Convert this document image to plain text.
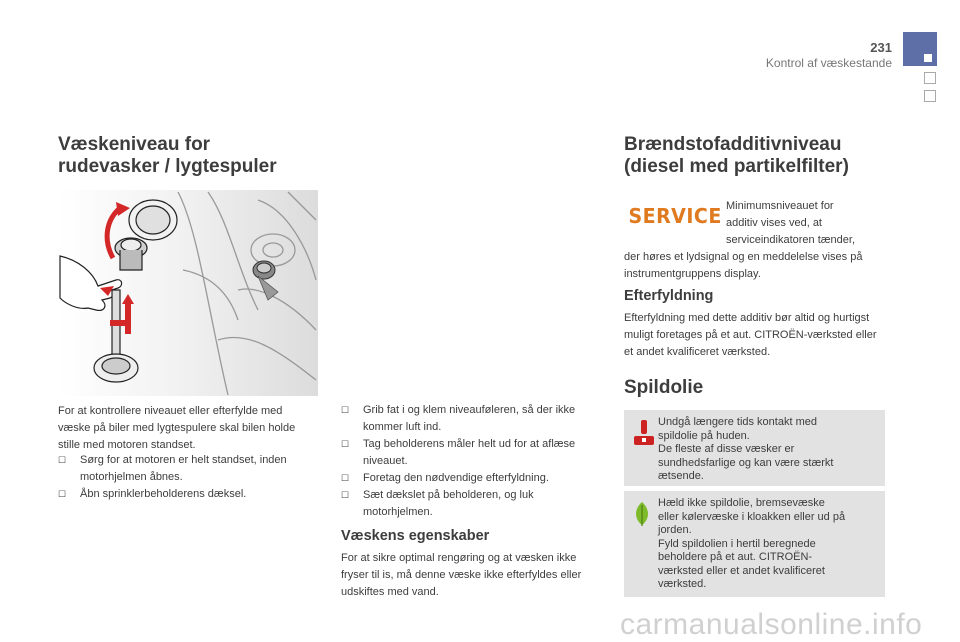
231
Kontrol af væskestande
Væskeniveau for
rudevasker / lygtespuler
For at kontrollere niveauet eller efterfylde med væske på biler med lygtespulere skal bilen holde stille med motoren standset.
☐ Sørg for at motoren er helt standset, inden motorhjelmen åbnes.
☐ Åbn sprinklerbeholderens dæksel.
☐ Grib fat i og klem niveauføleren, så der ikke kommer luft ind.
☐ Tag beholderens måler helt ud for at aflæse niveauet.
☐ Foretag den nødvendige efterfyldning.
☐ Sæt dækslet på beholderen, og luk motorhjelmen.
Væskens egenskaber
For at sikre optimal rengøring og at væsken ikke fryser til is, må denne væske ikke efterfyldes eller udskiftes med vand.
Brændstofadditivniveau
(diesel med partikelfilter)
SERVICE Minimumsniveauet for
additiv vises ved, at
serviceindikatoren tænder,
der høres et lydsignal og en meddelelse vises på instrumentgruppens display.
Efterfyldning
Efterfyldning med dette additiv bør altid og hurtigst muligt foretages på et aut. CITROËN-værksted eller et andet kvalificeret værksted.
Spildolie
Undgå længere tids kontakt med
spildolie på huden.
De fleste af disse væsker er
sundhedsfarlige og kan være stærkt
ætsende.
Hæld ikke spildolie, bremsevæske
eller kølervæske i kloakken eller ud på
jorden.
Fyld spildolien i hertil beregnede
beholdere på et aut. CITROËN-
værksted eller et andet kvalificeret
værksted.
carmanualsonline.info
